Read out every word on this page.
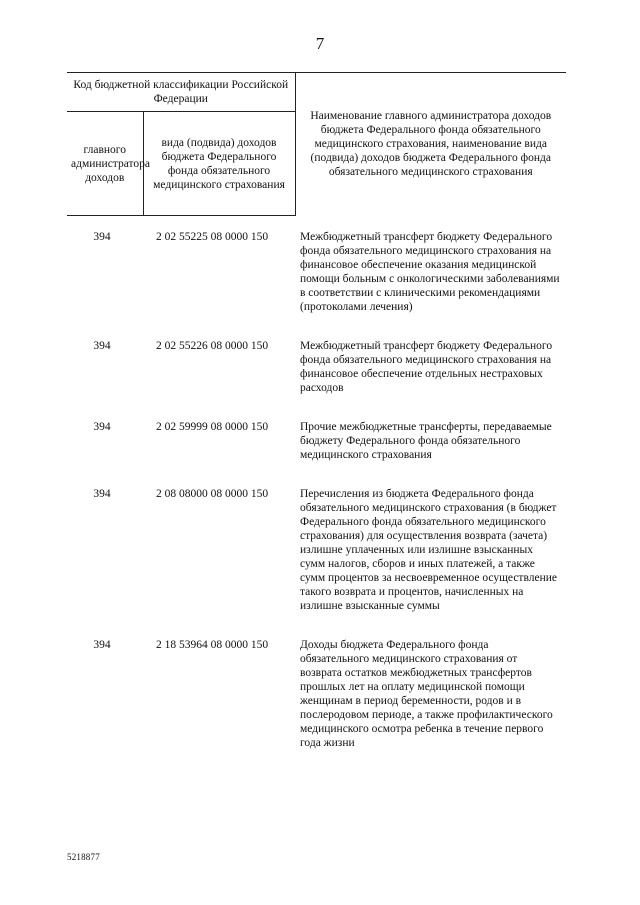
7
Код бюджетной классификации Российской Федерации		Наименование главного администратора доходов бюджета Федерального фонда обязательного медицинского страхования, наименование вида (подвида) доходов бюджета Федерального фонда обязательного медицинского страхования
главного администратора доходов	вида (подвида) доходов бюджета Федерального фонда обязательного медицинского страхования	

394	2 02 55225 08 0000 150	Межбюджетный трансферт бюджету Федерального фонда обязательного медицинского страхования на финансовое обеспечение оказания медицинской помощи больным с онкологическими заболеваниями в соответствии с клиническими рекомендациями (протоколами лечения)

394	2 02 55226 08 0000 150	Межбюджетный трансферт бюджету Федерального фонда обязательного медицинского страхования на финансовое обеспечение отдельных нестраховых расходов

394	2 02 59999 08 0000 150	Прочие межбюджетные трансферты, передаваемые бюджету Федерального фонда обязательного медицинского страхования

394	2 08 08000 08 0000 150	Перечисления из бюджета Федерального фонда обязательного медицинского страхования (в бюджет Федерального фонда обязательного медицинского страхования) для осуществления возврата (зачета) излишне уплаченных или излишне взысканных сумм налогов, сборов и иных платежей, а также сумм процентов за несвоевременное осуществление такого возврата и процентов, начисленных на излишне взысканные суммы

394	2 18 53964 08 0000 150	Доходы бюджета Федерального фонда обязательного медицинского страхования от возврата остатков межбюджетных трансфертов прошлых лет на оплату медицинской помощи женщинам в период беременности, родов и в послеродовом периоде, а также профилактического медицинского осмотра ребенка в течение первого года жизни
5218877
